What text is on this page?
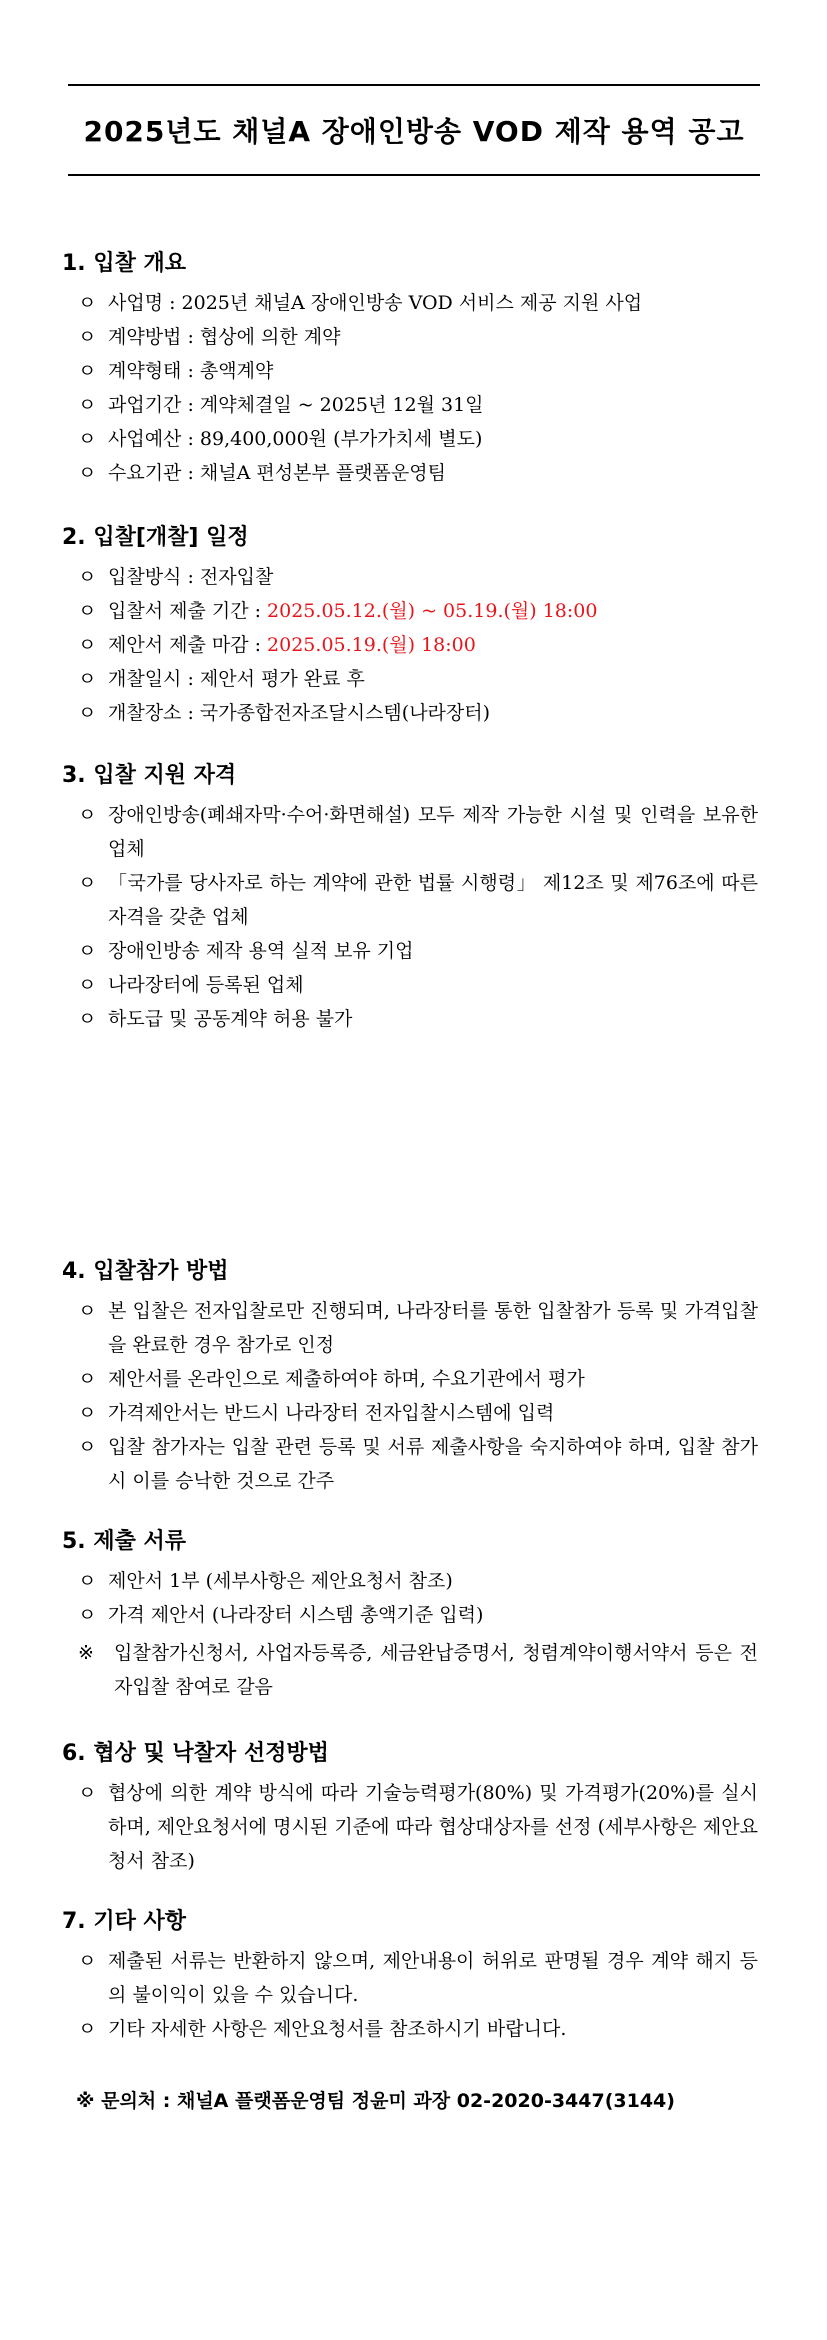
2025년도 채널A 장애인방송 VOD 제작 용역 공고
1. 입찰 개요
ㅇ 사업명 : 2025년 채널A 장애인방송 VOD 서비스 제공 지원 사업
ㅇ 계약방법 : 협상에 의한 계약
ㅇ 계약형태 : 총액계약
ㅇ 과업기간 : 계약체결일 ~ 2025년 12월 31일
ㅇ 사업예산 : 89,400,000원 (부가가치세 별도)
ㅇ 수요기관 : 채널A 편성본부 플랫폼운영팀
2. 입찰[개찰] 일정
ㅇ 입찰방식 : 전자입찰
ㅇ 입찰서 제출 기간 : 2025.05.12.(월) ~ 05.19.(월) 18:00
ㅇ 제안서 제출 마감 : 2025.05.19.(월) 18:00
ㅇ 개찰일시 : 제안서 평가 완료 후
ㅇ 개찰장소 : 국가종합전자조달시스템(나라장터)
3. 입찰 지원 자격
ㅇ 장애인방송(폐쇄자막·수어·화면해설) 모두 제작 가능한 시설 및 인력을 보유한 업체
ㅇ 「국가를 당사자로 하는 계약에 관한 법률 시행령」 제12조 및 제76조에 따른 자격을 갖춘 업체
ㅇ 장애인방송 제작 용역 실적 보유 기업
ㅇ 나라장터에 등록된 업체
ㅇ 하도급 및 공동계약 허용 불가
4. 입찰참가 방법
ㅇ 본 입찰은 전자입찰로만 진행되며, 나라장터를 통한 입찰참가 등록 및 가격입찰을 완료한 경우 참가로 인정
ㅇ 제안서를 온라인으로 제출하여야 하며, 수요기관에서 평가
ㅇ 가격제안서는 반드시 나라장터 전자입찰시스템에 입력
ㅇ 입찰 참가자는 입찰 관련 등록 및 서류 제출사항을 숙지하여야 하며, 입찰 참가 시 이를 승낙한 것으로 간주
5. 제출 서류
ㅇ 제안서 1부 (세부사항은 제안요청서 참조)
ㅇ 가격 제안서 (나라장터 시스템 총액기준 입력)
※	입찰참가신청서, 사업자등록증, 세금완납증명서, 청렴계약이행서약서 등은 전자입찰 참여로 갈음
6. 협상 및 낙찰자 선정방법
ㅇ 협상에 의한 계약 방식에 따라 기술능력평가(80%) 및 가격평가(20%)를 실시하며, 제안요청서에 명시된 기준에 따라 협상대상자를 선정 (세부사항은 제안요청서 참조)
7. 기타 사항
ㅇ 제출된 서류는 반환하지 않으며, 제안내용이 허위로 판명될 경우 계약 해지 등의 불이익이 있을 수 있습니다.
ㅇ 기타 자세한 사항은 제안요청서를 참조하시기 바랍니다.
※ 문의처 : 채널A 플랫폼운영팀 정윤미 과장 02-2020-3447(3144)
